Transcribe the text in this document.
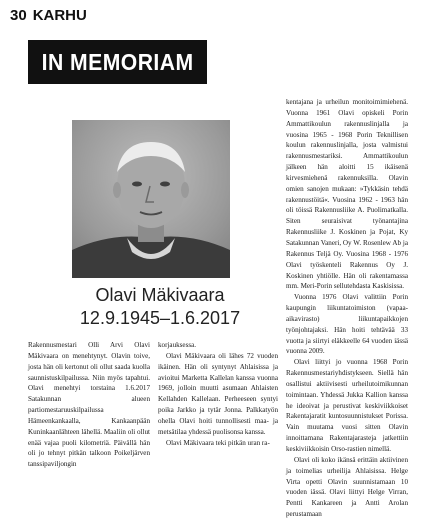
30 KARHU
IN MEMORIAM
Olavi Mäkivaara
12.9.1945–1.6.2017

Rakennusmestari Olli Arvi Olavi Mäkivaara on menehtynyt. Olavin toive, josta hän oli kertonut oli ollut saada kuolla saunnistuskilpailussa. Niin myös tapahtui. Olavi menehtyi torstaina 1.6.2017 Satakunnan alueen partiomestaruuskilpailussa Hämeenkankaalla, Kankaanpään Kuninkaanlähteen lähellä. Maaliin oli ollut enää vajaa puoli kilometriä. Päivällä hän oli jo tehnyt pitkän talkoon Poikeljärven tanssipaviljongin

korjauksessa.

Olavi Mäkivaara oli lähes 72 vuoden ikäinen. Hän oli syntynyt Ahlaisissa ja avioitui Marketta Kallelan kanssa vuonna 1969, jolloin muutti asumaan Ahlaisten Kellahden Kallelaan. Perheeseen syntyi poika Jarkko ja tytär Jonna. Palkkatyön ohella Olavi hoiti tunnollisesti maa- ja metsätilaa yhdessä puolisonsa kanssa.

Olavi Mäkivaara teki pitkän uran ra-

kentajana ja urheilun monitoimimiehenä. Vuonna 1961 Olavi opiskeli Porin Ammattikoulun rakennuslinjalla ja vuosina 1965 - 1968 Porin Teknillisen koulun rakennuslinjalla, josta valmistui rakennusmestariksi. Ammattikoulun jälkeen hän aloitti 15 ikäisenä kirvesmiehenä rakennuksilla. Olavin omien sanojen mukaan: »Tykkäsin tehdä rakennustöitä«. Vuosina 1962 - 1963 hän oli töissä Rakennusliike A. Puolimatkalla. Siten seuraisivat työnantajina Rakennusliike J. Koskinen ja Pojat, Ky Satakunnan Vaneri, Oy W. Rosenlew Ab ja Rakennus Teljä Oy. Vuosina 1968 - 1976 Olavi työskenteli Rakennus Oy J. Koskinen yhtiölle. Hän oli rakentamassa mm. Meri-Porin sellutehdasta Kaskisissa.

Vuonna 1976 Olavi valittiin Porin kaupungin liikuntatoimiston (vapaa-aikavirasto) liikuntapaikkojen työnjohtajaksi. Hän hoiti tehtävää 33 vuotta ja siirtyi eläkkeelle 64 vuoden iässä vuonna 2009.

Olavi liittyi jo vuonna 1968 Porin Rakennusmestariyhdistykseen. Siellä hän osallistui aktiivisesti urheilutoimikunnan toimintaan. Yhdessä Jukka Kallion kanssa he ideoivat ja perustivat keskiviikkoiset Rakentajaratit kuntosuunnistukset Porissa. Vain muutama vuosi sitten Olavin innoittamana Rakentajarasteja jatkettiin keskiviikkoisin Orso-rastien nimellä.

Olavi oli koko ikänsä erittäin aktiivinen ja toimelias urheilija Ahlaisissa. Helge Virta opetti Olavin suunnistamaan 10 vuoden iässä. Olavi liittyi Helge Virran, Pentti Kankareen ja Antti Arolan perustamaan
